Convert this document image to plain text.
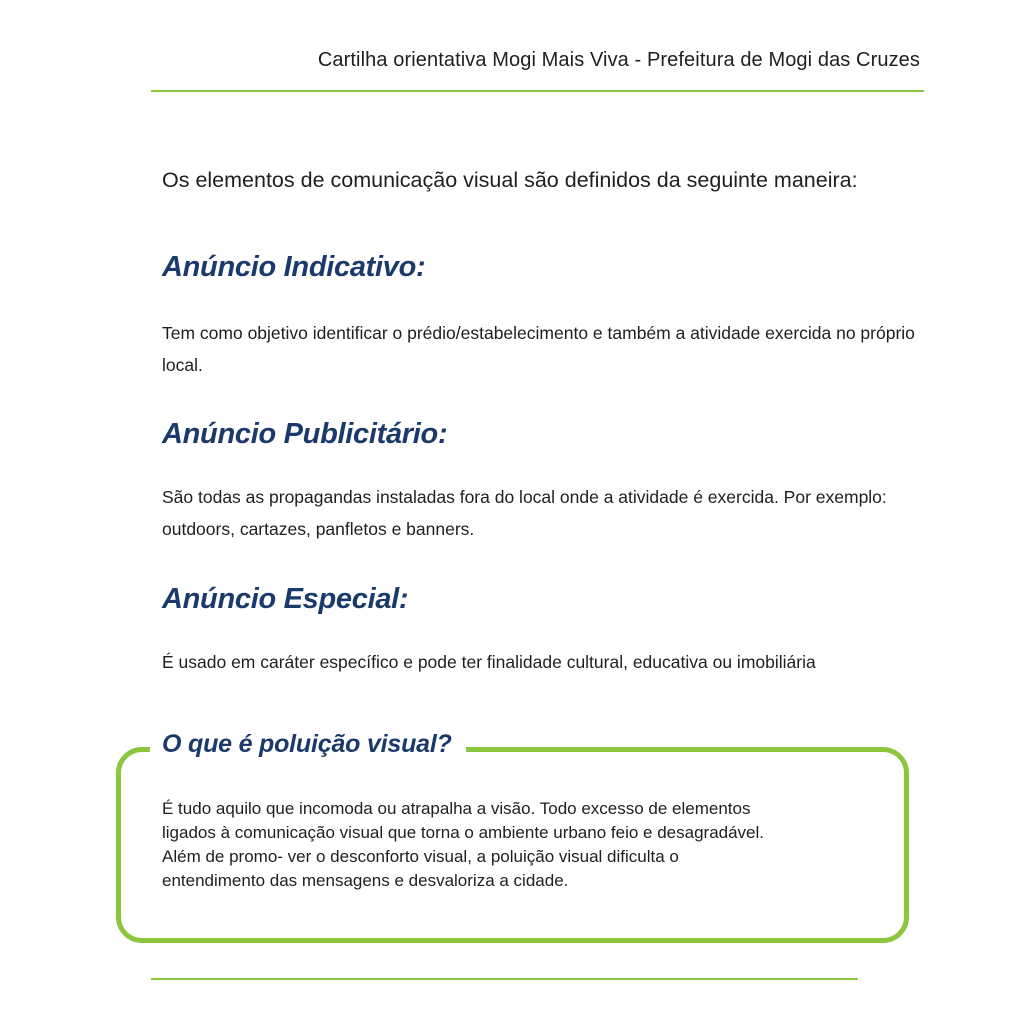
Cartilha orientativa Mogi Mais Viva - Prefeitura de Mogi das Cruzes
Os elementos de comunicação visual são definidos da seguinte maneira:
Anúncio Indicativo:
Tem como objetivo identificar o prédio/estabelecimento e também a atividade exercida no próprio local.
Anúncio Publicitário:
São todas as propagandas instaladas fora do local onde a atividade é exercida. Por exemplo: outdoors, cartazes, panfletos e banners.
Anúncio Especial:
É usado em caráter específico e pode ter finalidade cultural, educativa ou imobiliária
O que é poluição visual?
É tudo aquilo que incomoda ou atrapalha a visão. Todo excesso de elementos
ligados à comunicação visual que torna o ambiente urbano feio e desagradável.
Além de promo- ver o desconforto visual, a poluição visual dificulta o
entendimento das mensagens e desvaloriza a cidade.
